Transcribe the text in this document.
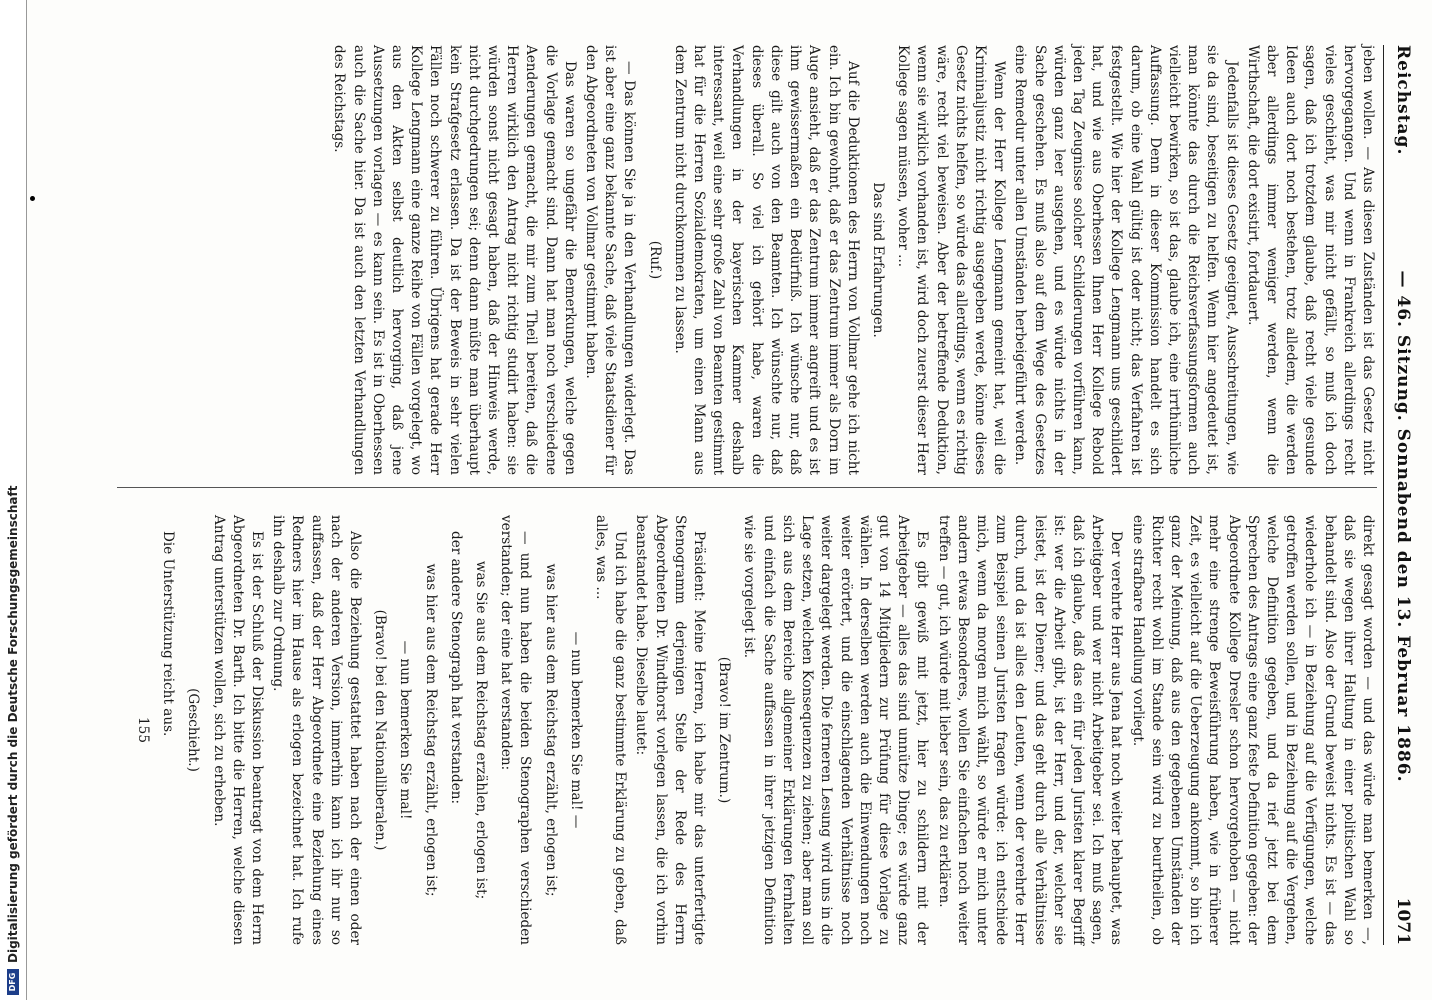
DFG
Digitalisierung gefördert durch die Deutsche Forschungsgemeinschaft
Reichstag.
— 46. Sitzung. Sonnabend den 13. Februar 1886.
1071

jeben wollen. — Aus diesen Zuständen ist das Gesetz nicht hervorgegangen. Und wenn in Frankreich allerdings recht vieles geschieht, was mir nicht gefällt, so muß ich doch sagen, daß ich trotzdem glaube, daß recht viele gesunde Ideen auch dort noch bestehen, trotz alledem, die werden aber allerdings immer weniger werden, wenn die Wirthschaft, die dort existirt, fortdauert.

Jedenfalls ist dieses Gesetz geeignet, Ausschreitungen, wie sie da sind, beseitigen zu helfen. Wenn hier angedeutet ist, man könnte das durch die Reichsverfassungsformen auch vielleicht bewirken, so ist das, glaube ich, eine irrthümliche Auffassung. Denn in dieser Kommission handelt es sich darum, ob eine Wahl gültig ist oder nicht; das Verfahren ist festgestellt. Wie hier der Kollege Lengmann uns geschildert hat, und wie aus Oberhessen Ihnen Herr Kollege Rebold jeden Tag Zeugnisse solcher Schilderungen vorführen kann, würden ganz leer ausgehen, und es würde nichts in der Sache geschehen. Es muß also auf dem Wege des Gesetzes eine Remedur unter allen Umständen herbeigeführt werden.

Wenn der Herr Kollege Lengmann gemeint hat, weil die Kriminaljustiz nicht richtig ausgegeben werde, könne dieses Gesetz nichts helfen, so würde das allerdings, wenn es richtig wäre, recht viel beweisen. Aber der betreffende Deduktion, wenn sie wirklich vorhanden ist, wird doch zuerst dieser Herr Kollege sagen müssen, woher ...

Das sind Erfahrungen.

Auf die Deduktionen des Herrn von Vollmar gehe ich nicht ein. Ich bin gewohnt, daß er das Zentrum immer als Dorn im Auge ansieht, daß er das Zentrum immer angreift und es ist ihm gewissermaßen ein Bedürfniß. Ich wünsche nur, daß diese gilt auch von den Beamten. Ich wünschte nur, daß dieses überall. So viel ich gehört habe, waren die Verhandlungen in der bayerischen Kammer deshalb interessant, weil eine sehr große Zahl von Beamten gestimmt hat für die Herren Sozialdemokraten, um einen Mann aus dem Zentrum nicht durchkommen zu lassen.

(Ruf.)

— Das können Sie ja in den Verhandlungen widerlegt. Das ist aber eine ganz bekannte Sache, daß viele Staatsdiener für den Abgeordneten von Vollmar gestimmt haben.

Das waren so ungefähr die Bemerkungen, welche gegen die Vorlage gemacht sind. Dann hat man noch verschiedene Aenderungen gemacht, die mir zum Theil bereiten, daß die Herren wirklich den Antrag nicht richtig studirt haben: sie würden sonst nicht gesagt haben, daß der Hinweis werde, nicht durchgedrungen sei; denn dann müßte man überhaupt kein Strafgesetz erlassen. Da ist der Beweis in sehr vielen Fällen noch schwerer zu führen. Übrigens hat gerade Herr Kollege Lengmann eine ganze Reihe von Fällen vorgelegt, wo aus den Akten selbst deutlich hervorging, daß jene Aussetzungen vorlagen — es kann sein. Es ist in Oberhessen auch die Sache hier. Da ist auch den letzten Verhandlungen des Reichstags.

direkt gesagt worden — und das würde man bemerken —, daß sie wegen ihrer Haltung in einer politischen Wahl so behandelt sind. Also der Grund beweist nichts. Es ist — das wiederhole ich — in Beziehung auf die Verfügungen, welche getroffen werden sollen, und in Beziehung auf die Vergehen, welche Definition gegeben, und da rief jetzt bei dem Sprechen des Antrags eine ganz feste Definition gegeben: der Abgeordnete Kollege Dresler schon hervorgehoben — nicht mehr eine strenge Beweisführung haben, wie in früherer Zeit, es vielleicht auf die Ueberzeugung ankommt, so bin ich ganz der Meinung, daß aus den gegebenen Umständen der Richter recht wohl im Stande sein wird zu beurtheilen, ob eine strafbare Handlung vorliegt.

Der verehrte Herr aus Jena hat noch weiter behauptet, was Arbeitgeber und wer nicht Arbeitgeber sei. Ich muß sagen, daß ich glaube, daß das ein für jeden Juristen klarer Begriff ist: wer die Arbeit gibt, ist der Herr, und der, welcher sie leistet, ist der Diener; und das geht durch alle Verhältnisse durch, und da ist alles den Leuten, wenn der verehrte Herr zum Beispiel seinen Juristen fragen würde: ich entschiede mich, wenn da morgen mich wählt, so würde er mich unter andern etwas Besonderes, wollen Sie einfachen noch weiter treffen — gut, ich würde mit lieber sein, das zu erklären.

Es gibt gewiß mit jetzt, hier zu schildern mit der Arbeitgeber — alles das sind unnütze Dinge; es würde ganz gut von 14 Mitgliedern zur Prüfung für diese Vorlage zu wählen. In derselben werden auch die Einwendungen noch weiter erörtert, und die einschlagenden Verhältnisse noch weiter dargelegt werden. Die ferneren Lesung wird uns in die Lage setzen, welchen Konsequenzen zu ziehen; aber man soll sich aus dem Bereiche allgemeiner Erklärungen fernhalten und einfach die Sache auffassen in ihrer jetzigen Definition wie sie vorgelegt ist.

(Bravo! im Zentrum.)

Präsident: Meine Herren, ich habe mir das unterfertigte Stenogramm derjenigen Stelle der Rede des Herrn Abgeordneten Dr. Windthorst vorlegen lassen, die ich vorhin beanstandet habe. Dieselbe lautet:

Und ich habe die ganz bestimmte Erklärung zu geben, daß alles, was ...

— nun bemerken Sie mal! —

was hier aus dem Reichstag erzählt, erlogen ist;

— und nun haben die beiden Stenographen verschieden verstanden; der eine hat verstanden:

was Sie aus dem Reichstag erzählen, erlogen ist;

der andere Stenograph hat verstanden:

was hier aus dem Reichstag erzählt, erlogen ist;

— nun bemerken Sie mal!

(Bravo! bei den Nationalliberalen.)

Also die Beziehung gestattet haben nach der einen oder nach der anderen Version, immerhin kann ich ihr nur so auffassen, daß der Herr Abgeordnete eine Beziehung eines Redners hier im Hause als erlogen bezeichnet hat. Ich rufe ihn deshalb zur Ordnung.

Es ist der Schluß der Diskussion beantragt von dem Herrn Abgeordneten Dr. Barth. Ich bitte die Herren, welche diesen Antrag unterstützen wollen, sich zu erheben.

(Geschieht.)

Die Unterstützung reicht aus.

155
